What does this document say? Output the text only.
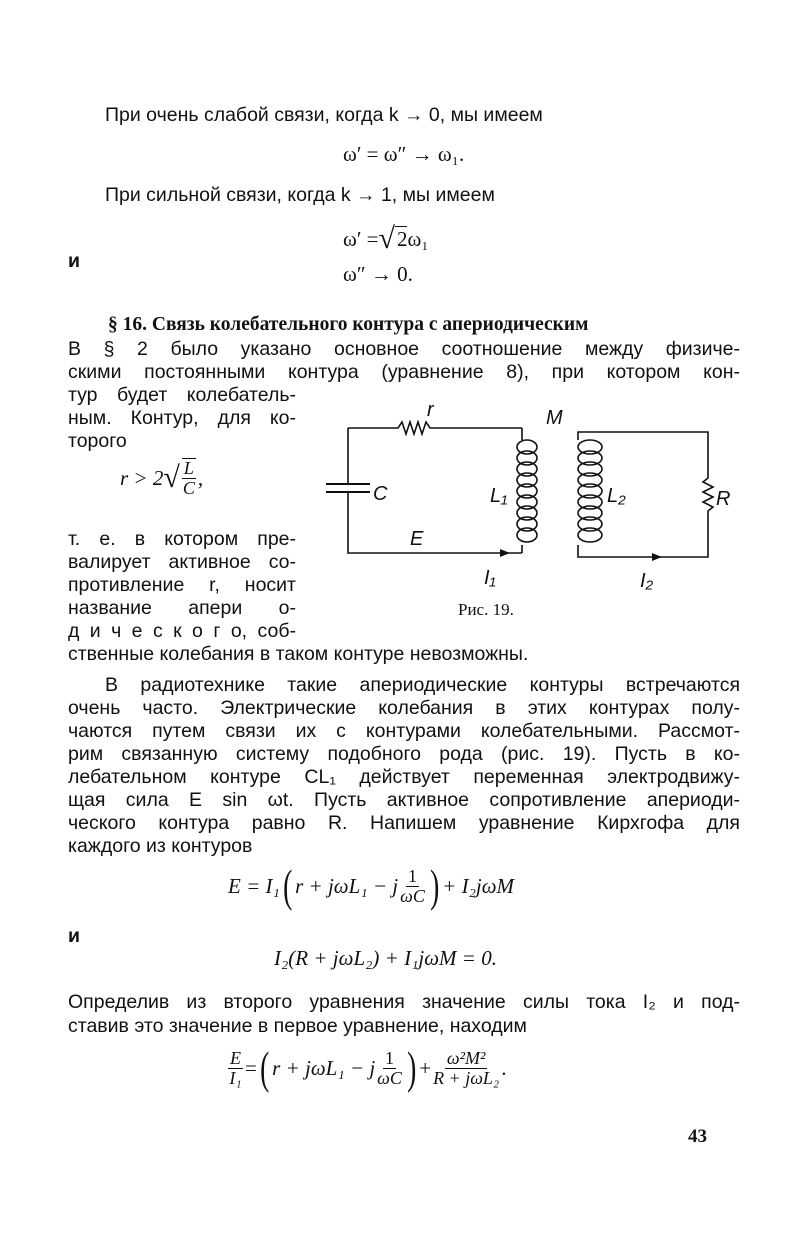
При очень слабой связи, когда k → 0, мы имеем
ω′ = ω″ → ω₁.
При сильной связи, когда k → 1, мы имеем
ω′ = √ 2 ω₁
и
ω″ → 0.
§ 16. Связь колебательного контура с апериодическим
В § 2 было указано основное соотношение между физиче-
скими постоянными контура (уравнение 8), при котором кон-
тур будет колебатель-
ным. Контур, для ко-
торого
r > 2 √ $\frac{L}{C}$ ,
т. е. в котором пре-
валирует активное со-
противление r, носит
название апери о-
д и ч е с к о г о, соб-
ственные колебания в таком контуре невозможны.
r	M
C	L₁	L₂	R
E
I₁	I₂
Рис. 19.
В радиотехнике такие апериодические контуры встречаются
очень часто. Электрические колебания в этих контурах полу-
чаются путем связи их с контурами колебательными. Рассмот-
рим связанную систему подобного рода (рис. 19). Пусть в ко-
лебательном контуре CL₁ действует переменная электродвижу-
щая сила E sin ωt. Пусть активное сопротивление апериоди-
ческого контура равно R. Напишем уравнение Кирхгофа для
каждого из контуров
E = I₁ ( r + jωL₁ − j $\frac{1}{\omega C}$ ) + I₂jωM
и
I₂(R + jωL₂) + I₁jωM = 0.
Определив из второго уравнения значение силы тока I₂ и под-
ставив это значение в первое уравнение, находим
$\frac{E}{\text{I₁}}$ = ( r + jωL₁ − j $\frac{1}{\omega C}$ ) + $\frac{\text{ω²M²}}{\text{R + jωL₂}}$ .
43
